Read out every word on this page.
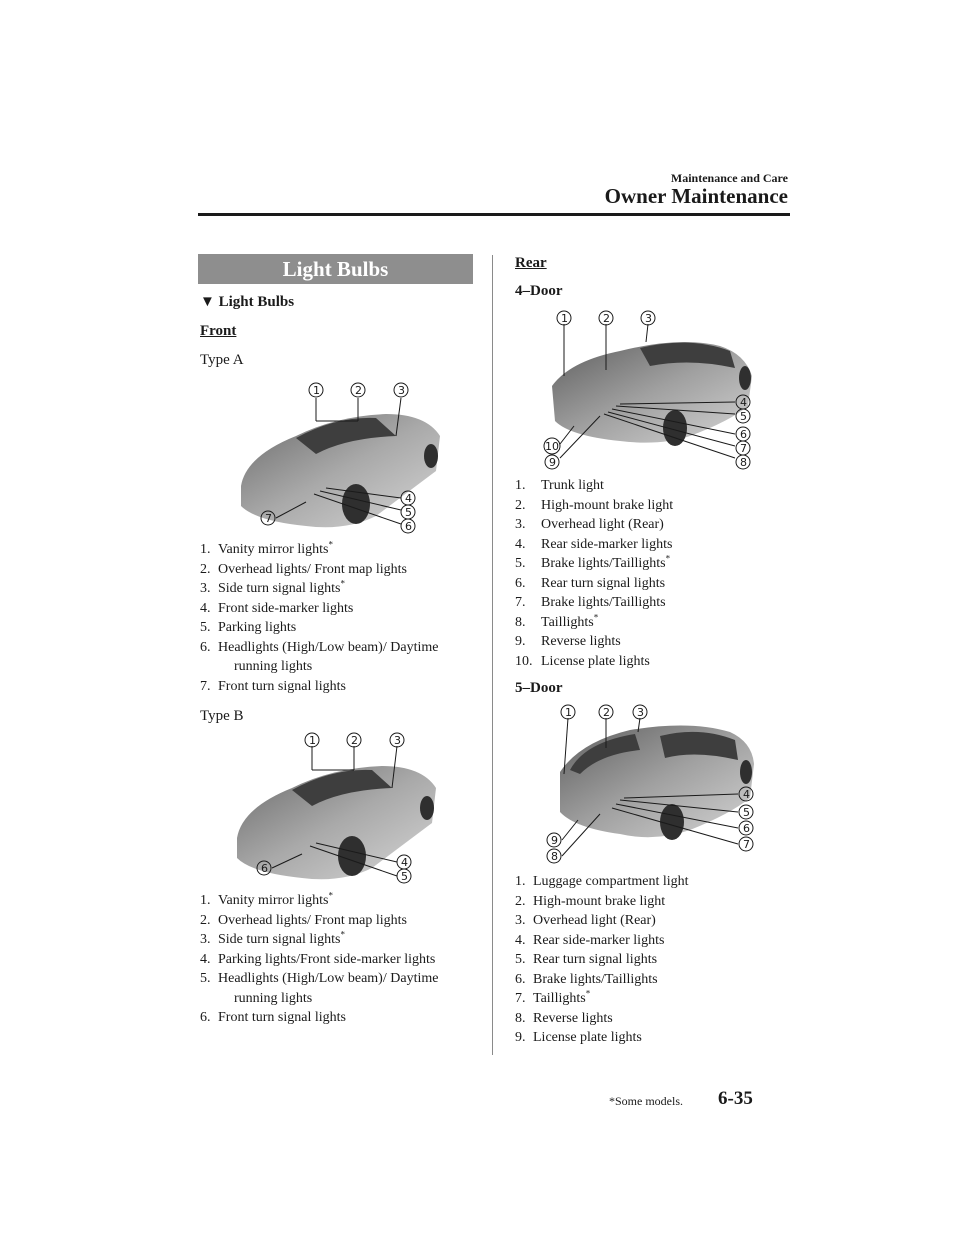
Maintenance and Care
Owner Maintenance
Light Bulbs
▼ Light Bulbs
Front
Type A
1	2	3
4
5
6
7
1. Vanity mirror lights*
2. Overhead lights/ Front map lights
3. Side turn signal lights*
4. Front side-marker lights
5. Parking lights
6. Headlights (High/Low beam)/ Daytime
running lights
7. Front turn signal lights
Type B
1	2	3
4
5
6
1. Vanity mirror lights*
2. Overhead lights/ Front map lights
3. Side turn signal lights*
4. Parking lights/Front side-marker lights
5. Headlights (High/Low beam)/ Daytime
running lights
6. Front turn signal lights
Rear
4–Door
1	2	3
4
5
6
7
8
9
10
1. Trunk light
2. High-mount brake light
3. Overhead light (Rear)
4. Rear side-marker lights
5. Brake lights/Taillights*
6. Rear turn signal lights
7. Brake lights/Taillights
8. Taillights*
9. Reverse lights
10. License plate lights
5–Door
1	2 3
4
5
6
7
8
9
1. Luggage compartment light
2. High-mount brake light
3. Overhead light (Rear)
4. Rear side-marker lights
5. Rear turn signal lights
6. Brake lights/Taillights
7. Taillights*
8. Reverse lights
9. License plate lights
*Some models. 6-35
